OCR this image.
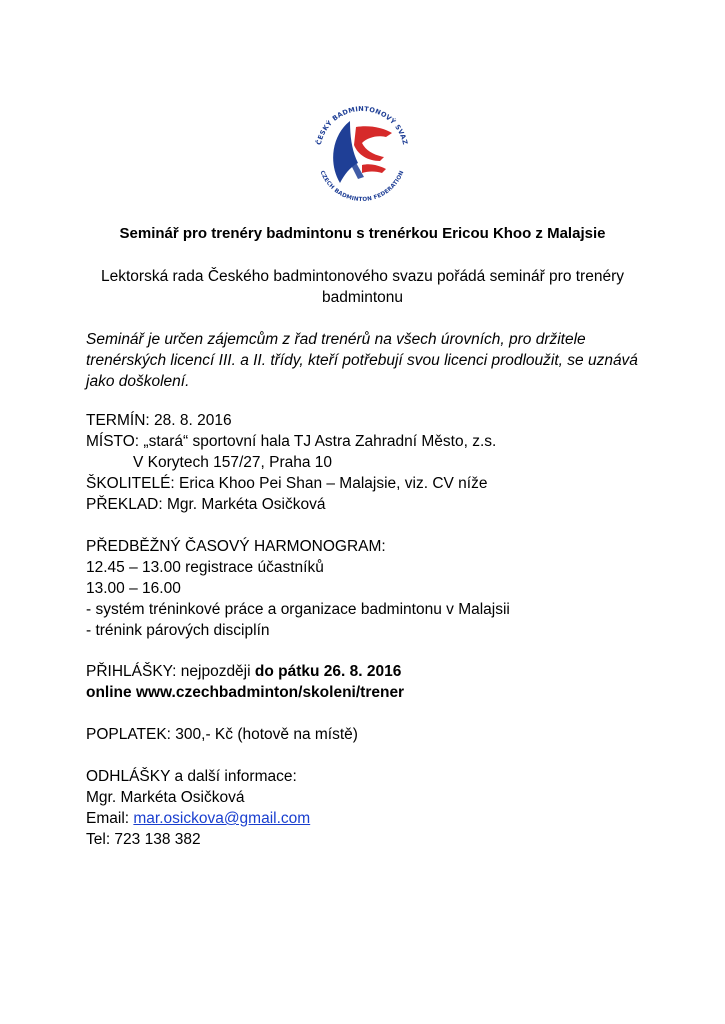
ČESKÝ BADMINTONOVÝ SVAZ
CZECH BADMINTON FEDERATION
Seminář pro trenéry badmintonu s trenérkou Ericou Khoo z Malajsie
Lektorská rada Českého badmintonového svazu pořádá seminář pro trenéry badmintonu
Seminář je určen zájemcům z řad trenérů na všech úrovních, pro držitele trenérských licencí III. a II. třídy, kteří potřebují svou licenci prodloužit, se uznává jako doškolení.
TERMÍN: 28. 8. 2016
MÍSTO: „stará“ sportovní hala TJ Astra Zahradní Město, z.s.
V Korytech 157/27, Praha 10
ŠKOLITELÉ: Erica Khoo Pei Shan – Malajsie, viz. CV níže
PŘEKLAD: Mgr. Markéta Osičková
PŘEDBĚŽNÝ ČASOVÝ HARMONOGRAM:
12.45 – 13.00 registrace účastníků
13.00 – 16.00
- systém tréninkové práce a organizace badmintonu v Malajsii
- trénink párových disciplín
PŘIHLÁŠKY: nejpozději do pátku 26. 8. 2016
online www.czechbadminton/skoleni/trener
POPLATEK: 300,- Kč (hotově na místě)
ODHLÁŠKY a další informace:
Mgr. Markéta Osičková
Email: mar.osickova@gmail.com
Tel: 723 138 382
